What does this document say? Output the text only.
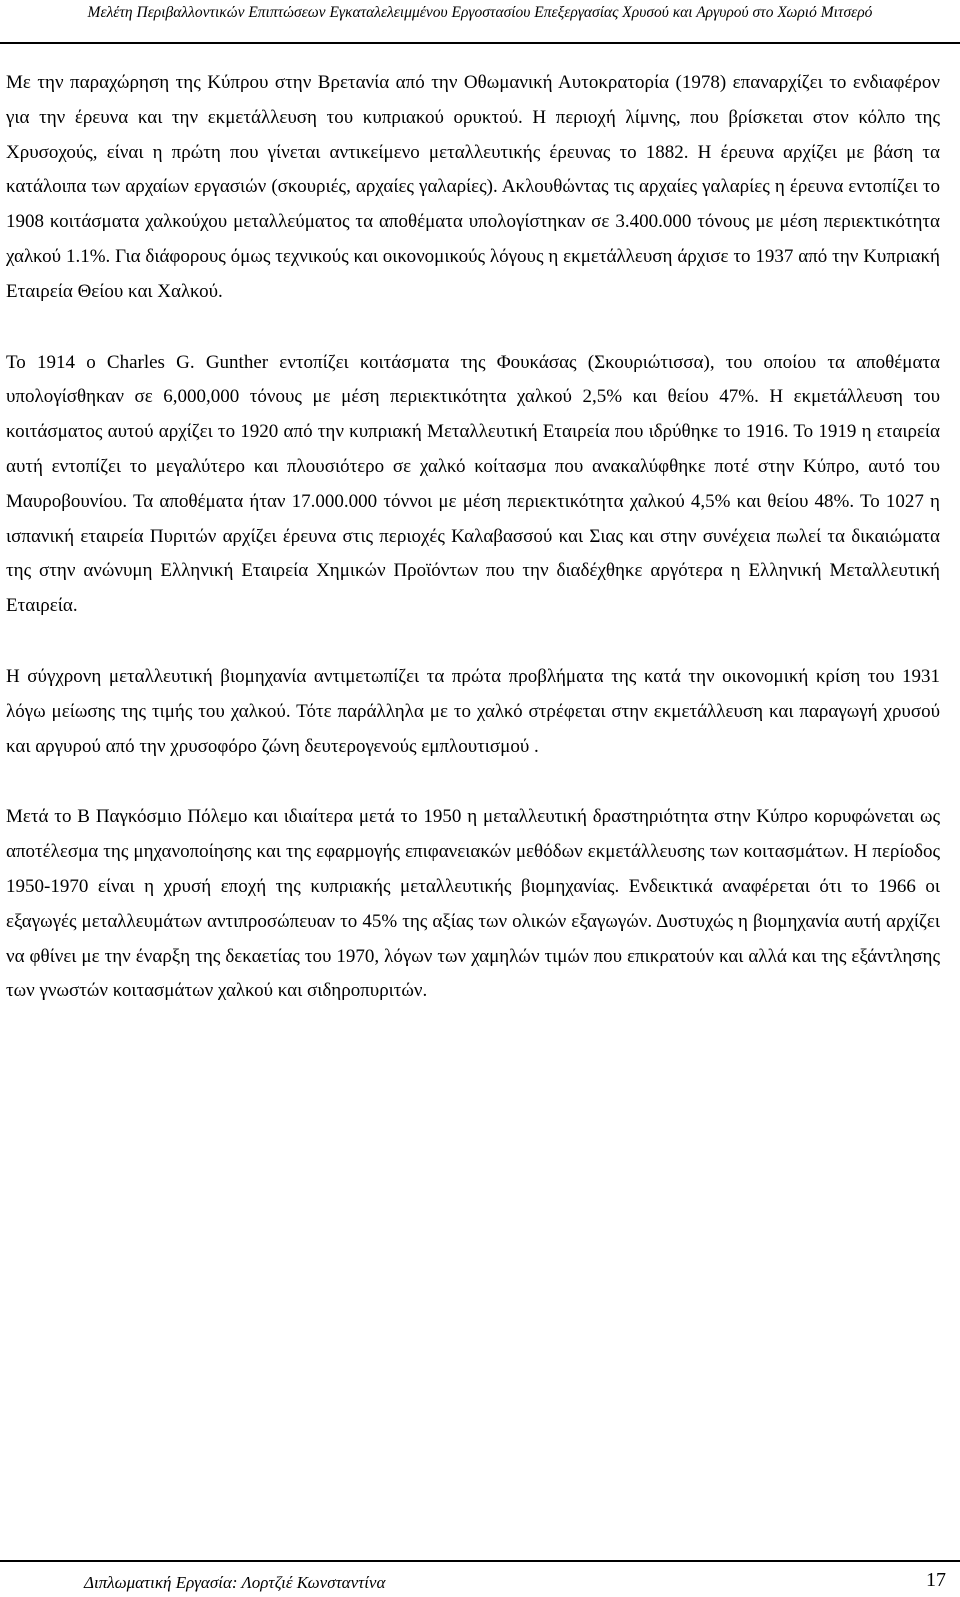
Μελέτη Περιβαλλοντικών Επιπτώσεων Εγκαταλελειμμένου Εργοστασίου Επεξεργασίας Χρυσού και Αργυρού στο Χωριό Μιτσερό

Με την παραχώρηση της Κύπρου στην Βρετανία από την Οθωμανική Αυτοκρατορία (1978) επαναρχίζει το ενδιαφέρον για την έρευνα και την εκμετάλλευση του κυπριακού ορυκτού. Η περιοχή λίμνης, που βρίσκεται στον κόλπο της Χρυσοχούς, είναι η πρώτη που γίνεται αντικείμενο μεταλλευτικής έρευνας το 1882. Η έρευνα αρχίζει με βάση τα κατάλοιπα των αρχαίων εργασιών (σκουριές, αρχαίες γαλαρίες). Ακλουθώντας τις αρχαίες γαλαρίες η έρευνα εντοπίζει το 1908 κοιτάσματα χαλκούχου μεταλλεύματος τα αποθέματα υπολογίστηκαν σε 3.400.000 τόνους με μέση περιεκτικότητα χαλκού 1.1%. Για διάφορους όμως τεχνικούς και οικονομικούς λόγους η εκμετάλλευση άρχισε το 1937 από την Κυπριακή Εταιρεία Θείου και Χαλκού.

Το 1914 ο Charles G. Gunther εντοπίζει κοιτάσματα της Φουκάσας (Σκουριώτισσα), του οποίου τα αποθέματα υπολογίσθηκαν σε 6,000,000 τόνους με μέση περιεκτικότητα χαλκού 2,5% και θείου 47%. Η εκμετάλλευση του κοιτάσματος αυτού αρχίζει το 1920 από την κυπριακή Μεταλλευτική Εταιρεία που ιδρύθηκε το 1916. Το 1919 η εταιρεία αυτή εντοπίζει το μεγαλύτερο και πλουσιότερο σε χαλκό κοίτασμα που ανακαλύφθηκε ποτέ στην Κύπρο, αυτό του Μαυροβουνίου. Τα αποθέματα ήταν 17.000.000 τόννοι με μέση περιεκτικότητα χαλκού 4,5% και θείου 48%. Το 1027 η ισπανική εταιρεία Πυριτών αρχίζει έρευνα στις περιοχές Καλαβασσού και Σιας και στην συνέχεια πωλεί τα δικαιώματα της στην ανώνυμη Ελληνική Εταιρεία Χημικών Προϊόντων που την διαδέχθηκε αργότερα η Ελληνική Μεταλλευτική Εταιρεία.

Η σύγχρονη μεταλλευτική βιομηχανία αντιμετωπίζει τα πρώτα προβλήματα της κατά την οικονομική κρίση του 1931 λόγω μείωσης της τιμής του χαλκού. Τότε παράλληλα με το χαλκό στρέφεται στην εκμετάλλευση και παραγωγή χρυσού και αργυρού από την χρυσοφόρο ζώνη δευτερογενούς εμπλουτισμού .

Μετά το Β Παγκόσμιο Πόλεμο και ιδιαίτερα μετά το 1950 η μεταλλευτική δραστηριότητα στην Κύπρο κορυφώνεται ως αποτέλεσμα της μηχανοποίησης και της εφαρμογής επιφανειακών μεθόδων εκμετάλλευσης των κοιτασμάτων. Η περίοδος 1950-1970 είναι η χρυσή εποχή της κυπριακής μεταλλευτικής βιομηχανίας. Ενδεικτικά αναφέρεται ότι το 1966 οι εξαγωγές μεταλλευμάτων αντιπροσώπευαν το 45% της αξίας των ολικών εξαγωγών. Δυστυχώς η βιομηχανία αυτή αρχίζει να φθίνει με την έναρξη της δεκαετίας του 1970, λόγων των χαμηλών τιμών που επικρατούν και αλλά και της εξάντλησης των γνωστών κοιτασμάτων χαλκού και σιδηροπυριτών.

Διπλωματική Εργασία: Λορτζιέ Κωνσταντίνα	17
